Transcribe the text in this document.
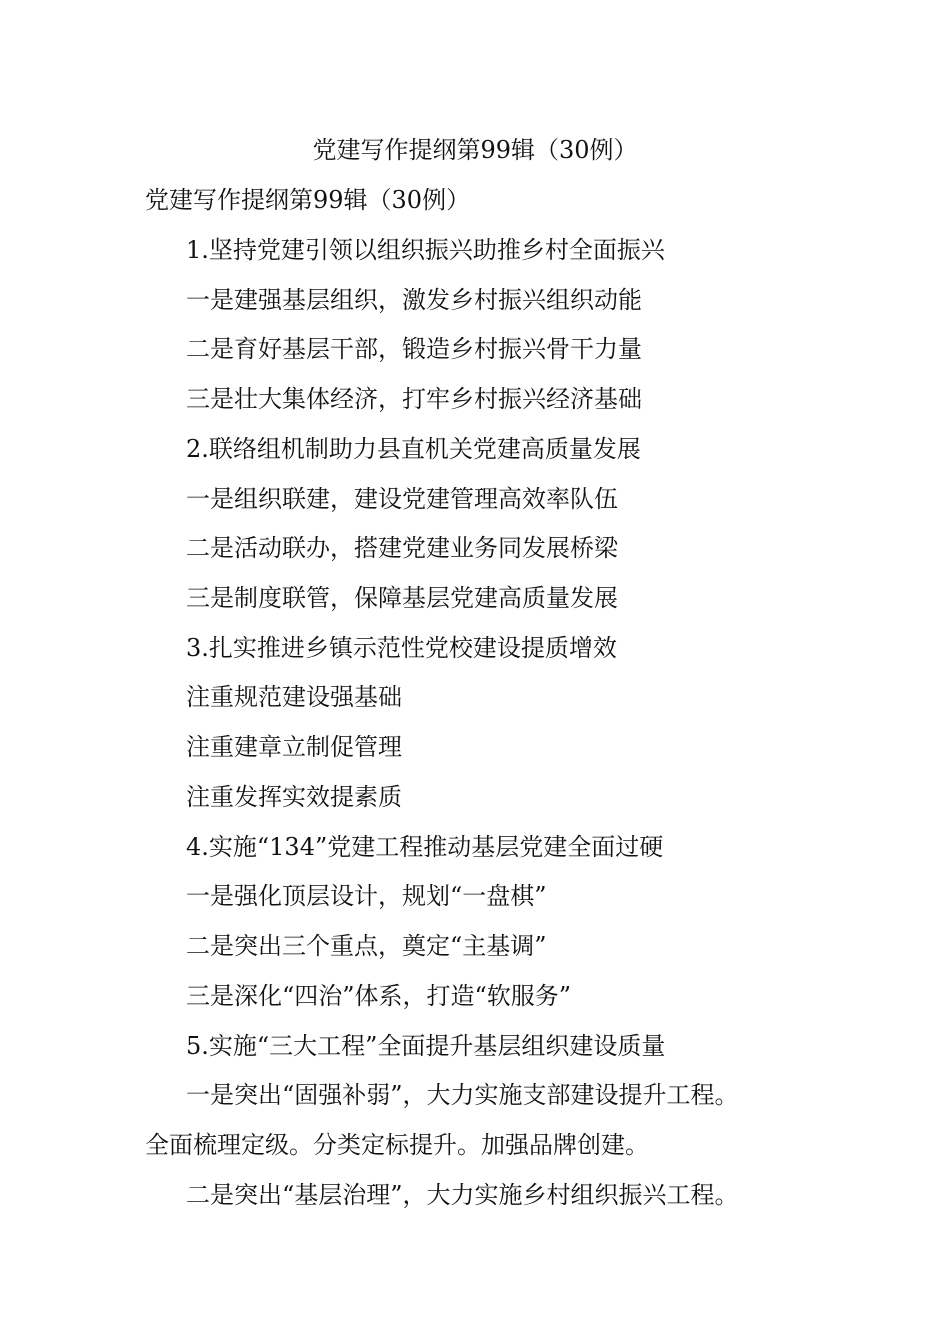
党建写作提纲第99辑（30例）
党建写作提纲第99辑（30例）
1.坚持党建引领以组织振兴助推乡村全面振兴
一是建强基层组织，激发乡村振兴组织动能
二是育好基层干部，锻造乡村振兴骨干力量
三是壮大集体经济，打牢乡村振兴经济基础
2.联络组机制助力县直机关党建高质量发展
一是组织联建，建设党建管理高效率队伍
二是活动联办，搭建党建业务同发展桥梁
三是制度联管，保障基层党建高质量发展
3.扎实推进乡镇示范性党校建设提质增效
注重规范建设强基础
注重建章立制促管理
注重发挥实效提素质
4.实施“134”党建工程推动基层党建全面过硬
一是强化顶层设计，规划“一盘棋”
二是突出三个重点，奠定“主基调”
三是深化“四治”体系，打造“软服务”
5.实施“三大工程”全面提升基层组织建设质量
一是突出“固强补弱”，大力实施支部建设提升工程。
全面梳理定级。分类定标提升。加强品牌创建。
二是突出“基层治理”，大力实施乡村组织振兴工程。
